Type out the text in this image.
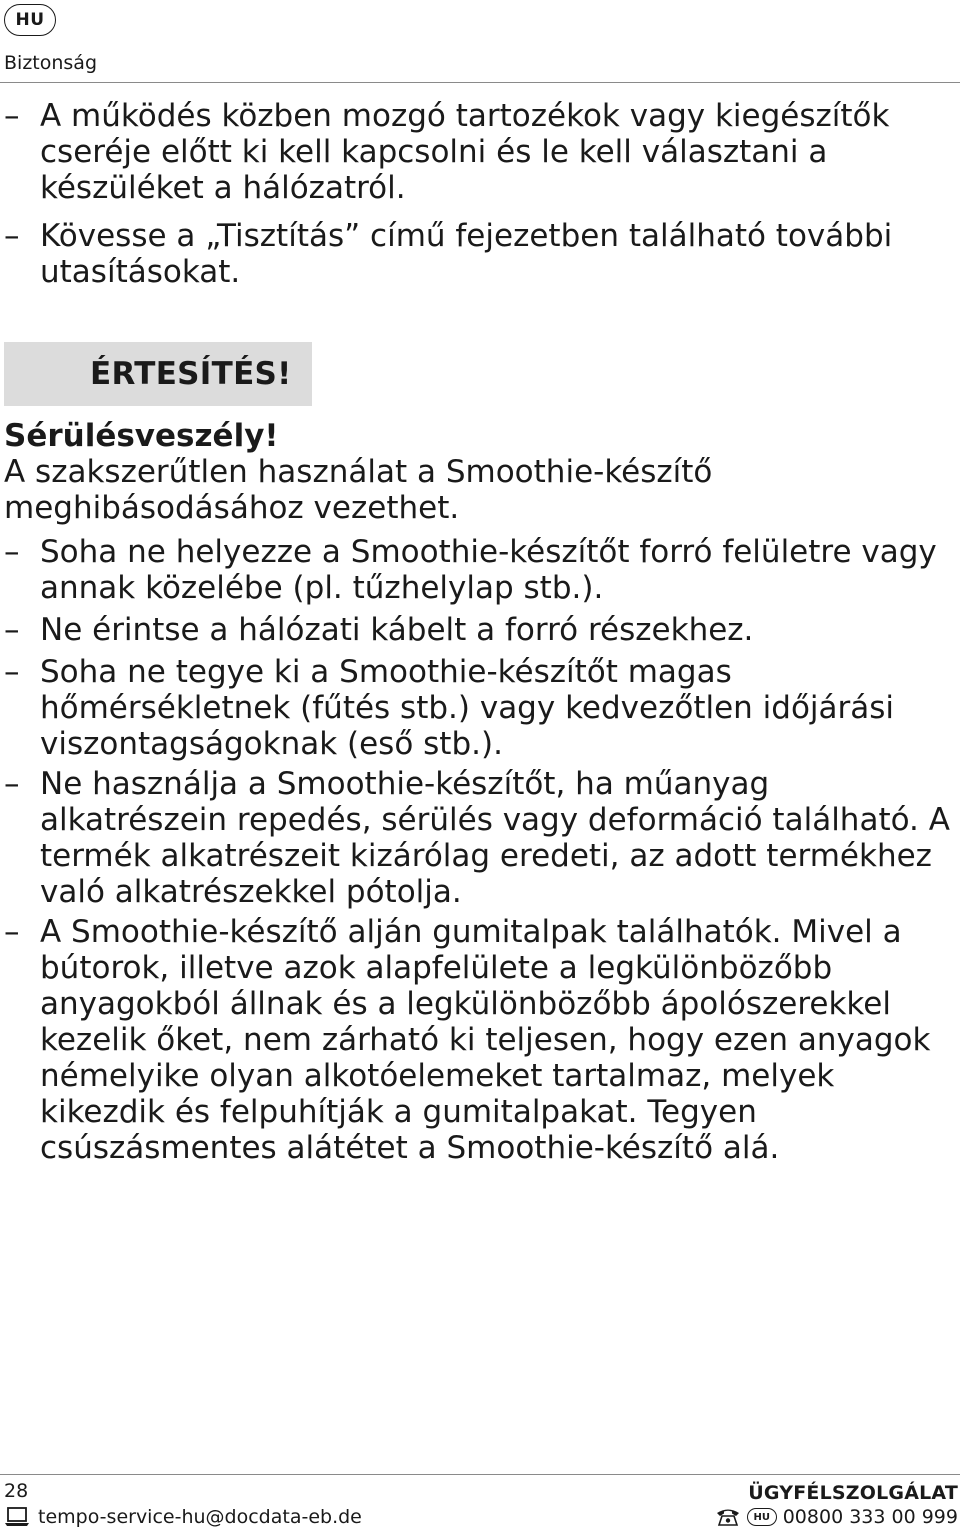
HU
Biztonság
– A működés közben mozgó tartozékok vagy kiegészítők cseréje előtt ki kell kapcsolni és le kell választani a készüléket a hálózatról.
– Kövesse a „Tisztítás” című fejezetben található további utasításokat.
ÉRTESÍTÉS!
Sérülésveszély!
A szakszerűtlen használat a Smoothie-készítő meghibásodásához vezethet.
– Soha ne helyezze a Smoothie-készítőt forró felületre vagy annak közelébe (pl. tűzhelylap stb.).
– Ne érintse a hálózati kábelt a forró részekhez.
– Soha ne tegye ki a Smoothie-készítőt magas hőmérsékletnek (fűtés stb.) vagy kedvezőtlen időjárási viszontagságoknak (eső stb.).
– Ne használja a Smoothie-készítőt, ha műanyag alkatrészein repedés, sérülés vagy deformáció található. A termék alkatrészeit kizárólag eredeti, az adott termékhez való alkatrészekkel pótolja.
– A Smoothie-készítő alján gumitalpak találhatók. Mivel a bútorok, illetve azok alapfelülete a legkülönbözőbb anyagokból állnak és a legkülönbözőbb ápolószerekkel kezelik őket, nem zárható ki teljesen, hogy ezen anyagok némelyike olyan alkotóelemeket tartalmaz, melyek kikezdik és felpuhítják a gumitalpakat. Tegyen csúszásmentes alátétet a Smoothie-készítő alá.
28	ÜGYFÉLSZOLGÁLAT
tempo-service-hu@docdata-eb.de	HU 00800 333 00 999
